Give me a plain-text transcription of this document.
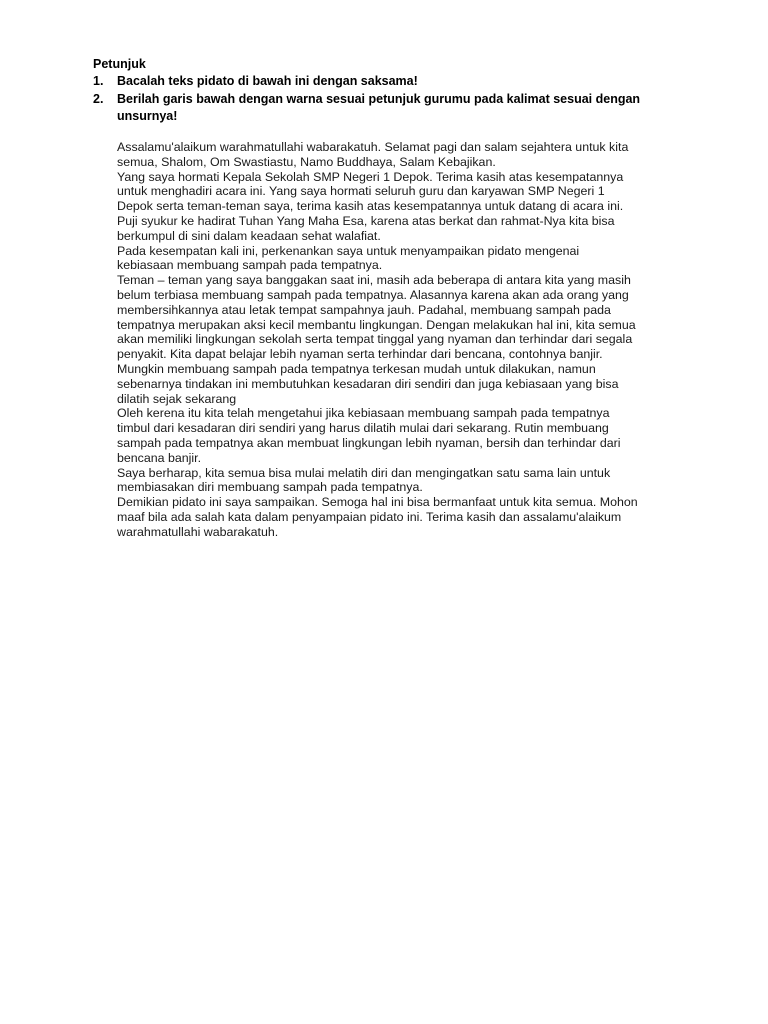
Petunjuk
1. Bacalah teks pidato di bawah ini dengan saksama!
2. Berilah garis bawah dengan warna sesuai petunjuk gurumu pada kalimat sesuai dengan
unsurnya!

Assalamu'alaikum warahmatullahi wabarakatuh. Selamat pagi dan salam sejahtera untuk kita
semua, Shalom, Om Swastiastu, Namo Buddhaya, Salam Kebajikan.

Yang saya hormati Kepala Sekolah SMP Negeri 1 Depok. Terima kasih atas kesempatannya
untuk menghadiri acara ini. Yang saya hormati seluruh guru dan karyawan SMP Negeri 1
Depok serta teman-teman saya, terima kasih atas kesempatannya untuk datang di acara ini.

Puji syukur ke hadirat Tuhan Yang Maha Esa, karena atas berkat dan rahmat-Nya kita bisa
berkumpul di sini dalam keadaan sehat walafiat.

Pada kesempatan kali ini, perkenankan saya untuk menyampaikan pidato mengenai
kebiasaan membuang sampah pada tempatnya.

Teman – teman yang saya banggakan saat ini, masih ada beberapa di antara kita yang masih
belum terbiasa membuang sampah pada tempatnya. Alasannya karena akan ada orang yang
membersihkannya atau letak tempat sampahnya jauh. Padahal, membuang sampah pada
tempatnya merupakan aksi kecil membantu lingkungan. Dengan melakukan hal ini, kita semua
akan memiliki lingkungan sekolah serta tempat tinggal yang nyaman dan terhindar dari segala
penyakit. Kita dapat belajar lebih nyaman serta terhindar dari bencana, contohnya banjir.

Mungkin membuang sampah pada tempatnya terkesan mudah untuk dilakukan, namun
sebenarnya tindakan ini membutuhkan kesadaran diri sendiri dan juga kebiasaan yang bisa
dilatih sejak sekarang

Oleh kerena itu kita telah mengetahui jika kebiasaan membuang sampah pada tempatnya
timbul dari kesadaran diri sendiri yang harus dilatih mulai dari sekarang. Rutin membuang
sampah pada tempatnya akan membuat lingkungan lebih nyaman, bersih dan terhindar dari
bencana banjir.

Saya berharap, kita semua bisa mulai melatih diri dan mengingatkan satu sama lain untuk
membiasakan diri membuang sampah pada tempatnya.

Demikian pidato ini saya sampaikan. Semoga hal ini bisa bermanfaat untuk kita semua. Mohon
maaf bila ada salah kata dalam penyampaian pidato ini. Terima kasih dan assalamu'alaikum
warahmatullahi wabarakatuh.
